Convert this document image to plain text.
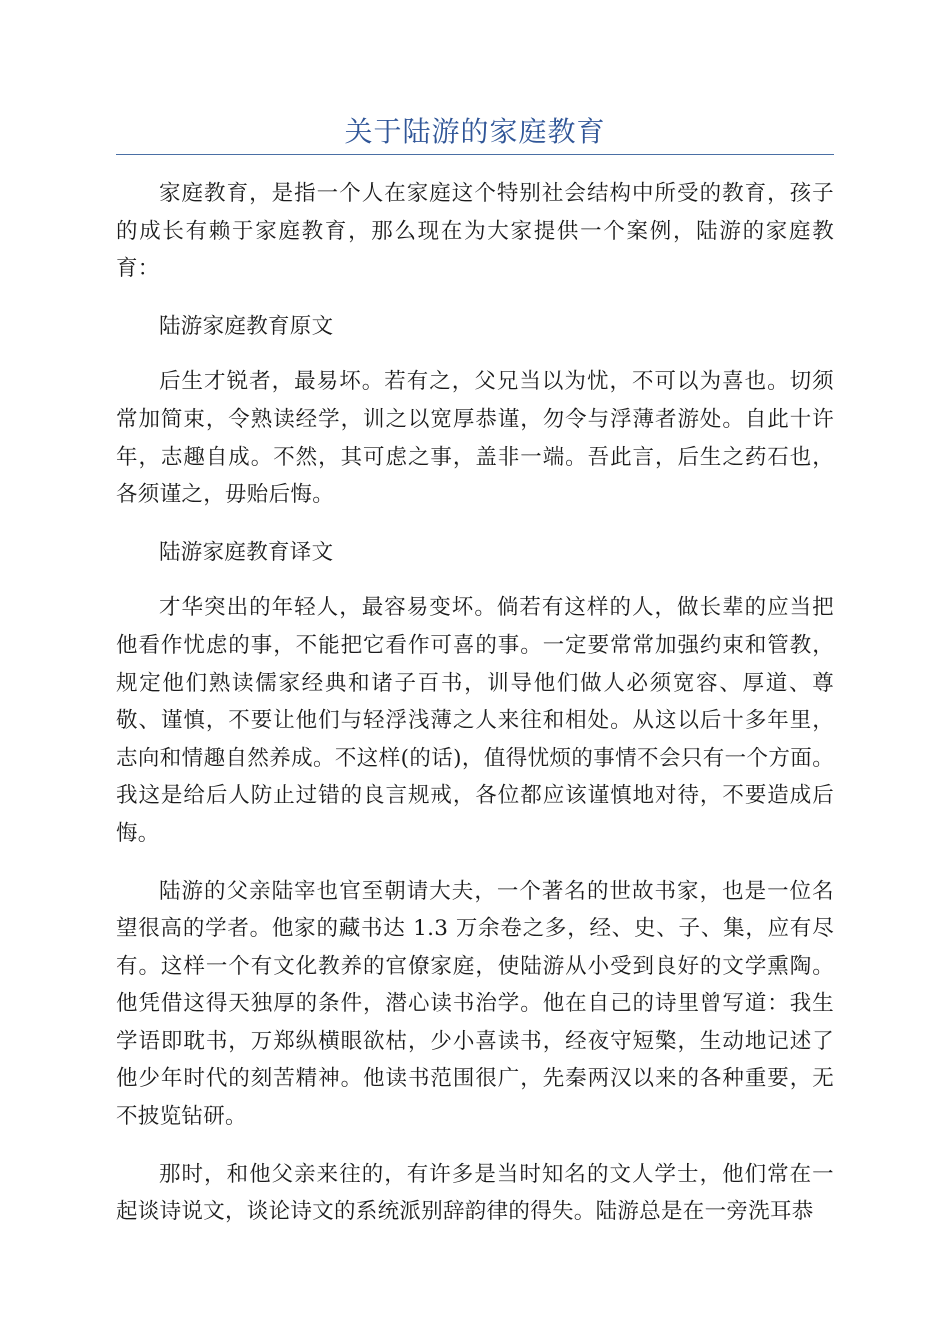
关于陆游的家庭教育

家庭教育，是指一个人在家庭这个特别社会结构中所受的教育，孩子的成长有赖于家庭教育，那么现在为大家提供一个案例，陆游的家庭教育：

陆游家庭教育原文

后生才锐者，最易坏。若有之，父兄当以为忧，不可以为喜也。切须常加简束，令熟读经学，训之以宽厚恭谨，勿令与浮薄者游处。自此十许年，志趣自成。不然，其可虑之事，盖非一端。吾此言，后生之药石也，各须谨之，毋贻后悔。

陆游家庭教育译文

才华突出的年轻人，最容易变坏。倘若有这样的人，做长辈的应当把他看作忧虑的事，不能把它看作可喜的事。一定要常常加强约束和管教，规定他们熟读儒家经典和诸子百书，训导他们做人必须宽容、厚道、尊敬、谨慎，不要让他们与轻浮浅薄之人来往和相处。从这以后十多年里，志向和情趣自然养成。不这样(的话)，值得忧烦的事情不会只有一个方面。我这是给后人防止过错的良言规戒，各位都应该谨慎地对待，不要造成后悔。

陆游的父亲陆宰也官至朝请大夫，一个著名的世故书家，也是一位名望很高的学者。他家的藏书达 1.3 万余卷之多，经、史、子、集，应有尽有。这样一个有文化教养的官僚家庭，使陆游从小受到良好的文学熏陶。他凭借这得天独厚的条件，潜心读书治学。他在自己的诗里曾写道：我生学语即耽书，万郑纵横眼欲枯，少小喜读书，经夜守短檠，生动地记述了他少年时代的刻苦精神。他读书范围很广，先秦两汉以来的各种重要，无不披览钻研。

那时，和他父亲来往的，有许多是当时知名的文人学士，他们常在一起谈诗说文，谈论诗文的系统派别辞韵律的得失。陆游总是在一旁洗耳恭
